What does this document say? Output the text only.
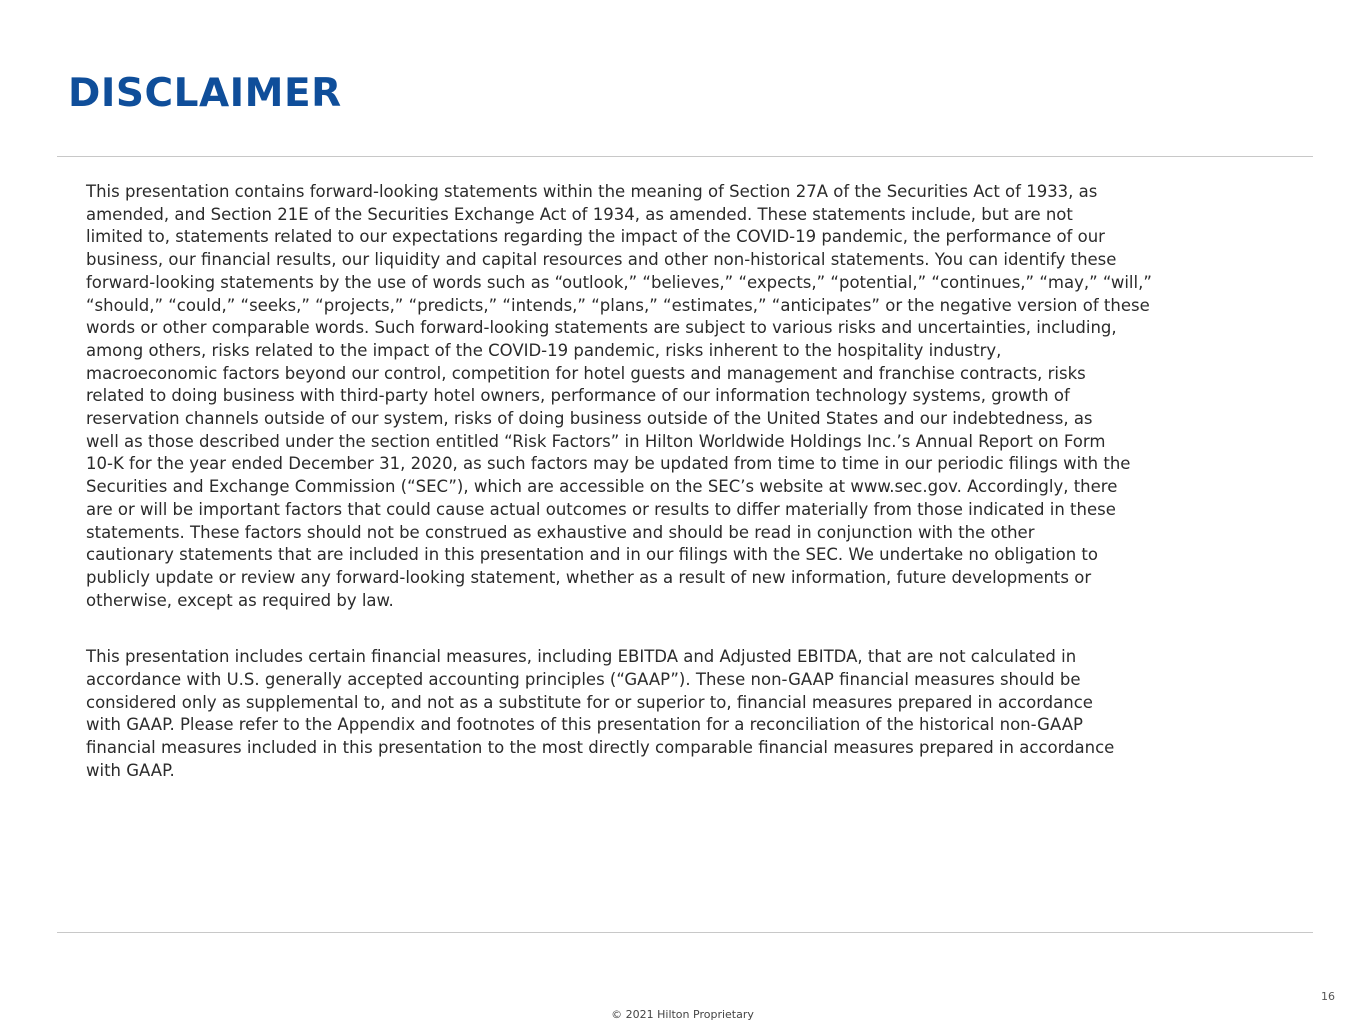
DISCLAIMER

This presentation contains forward-looking statements within the meaning of Section 27A of the Securities Act of 1933, as
amended, and Section 21E of the Securities Exchange Act of 1934, as amended. These statements include, but are not
limited to, statements related to our expectations regarding the impact of the COVID-19 pandemic, the performance of our
business, our financial results, our liquidity and capital resources and other non-historical statements. You can identify these
forward-looking statements by the use of words such as “outlook,” “believes,” “expects,” “potential,” “continues,” “may,” “will,”
“should,” “could,” “seeks,” “projects,” “predicts,” “intends,” “plans,” “estimates,” “anticipates” or the negative version of these
words or other comparable words. Such forward-looking statements are subject to various risks and uncertainties, including,
among others, risks related to the impact of the COVID-19 pandemic, risks inherent to the hospitality industry,
macroeconomic factors beyond our control, competition for hotel guests and management and franchise contracts, risks
related to doing business with third-party hotel owners, performance of our information technology systems, growth of
reservation channels outside of our system, risks of doing business outside of the United States and our indebtedness, as
well as those described under the section entitled “Risk Factors” in Hilton Worldwide Holdings Inc.’s Annual Report on Form
10-K for the year ended December 31, 2020, as such factors may be updated from time to time in our periodic filings with the
Securities and Exchange Commission (“SEC”), which are accessible on the SEC’s website at www.sec.gov. Accordingly, there
are or will be important factors that could cause actual outcomes or results to differ materially from those indicated in these
statements. These factors should not be construed as exhaustive and should be read in conjunction with the other
cautionary statements that are included in this presentation and in our filings with the SEC. We undertake no obligation to
publicly update or review any forward-looking statement, whether as a result of new information, future developments or
otherwise, except as required by law.

This presentation includes certain financial measures, including EBITDA and Adjusted EBITDA, that are not calculated in
accordance with U.S. generally accepted accounting principles (“GAAP”). These non-GAAP financial measures should be
considered only as supplemental to, and not as a substitute for or superior to, financial measures prepared in accordance
with GAAP. Please refer to the Appendix and footnotes of this presentation for a reconciliation of the historical non-GAAP
financial measures included in this presentation to the most directly comparable financial measures prepared in accordance
with GAAP.

16
© 2021 Hilton Proprietary
